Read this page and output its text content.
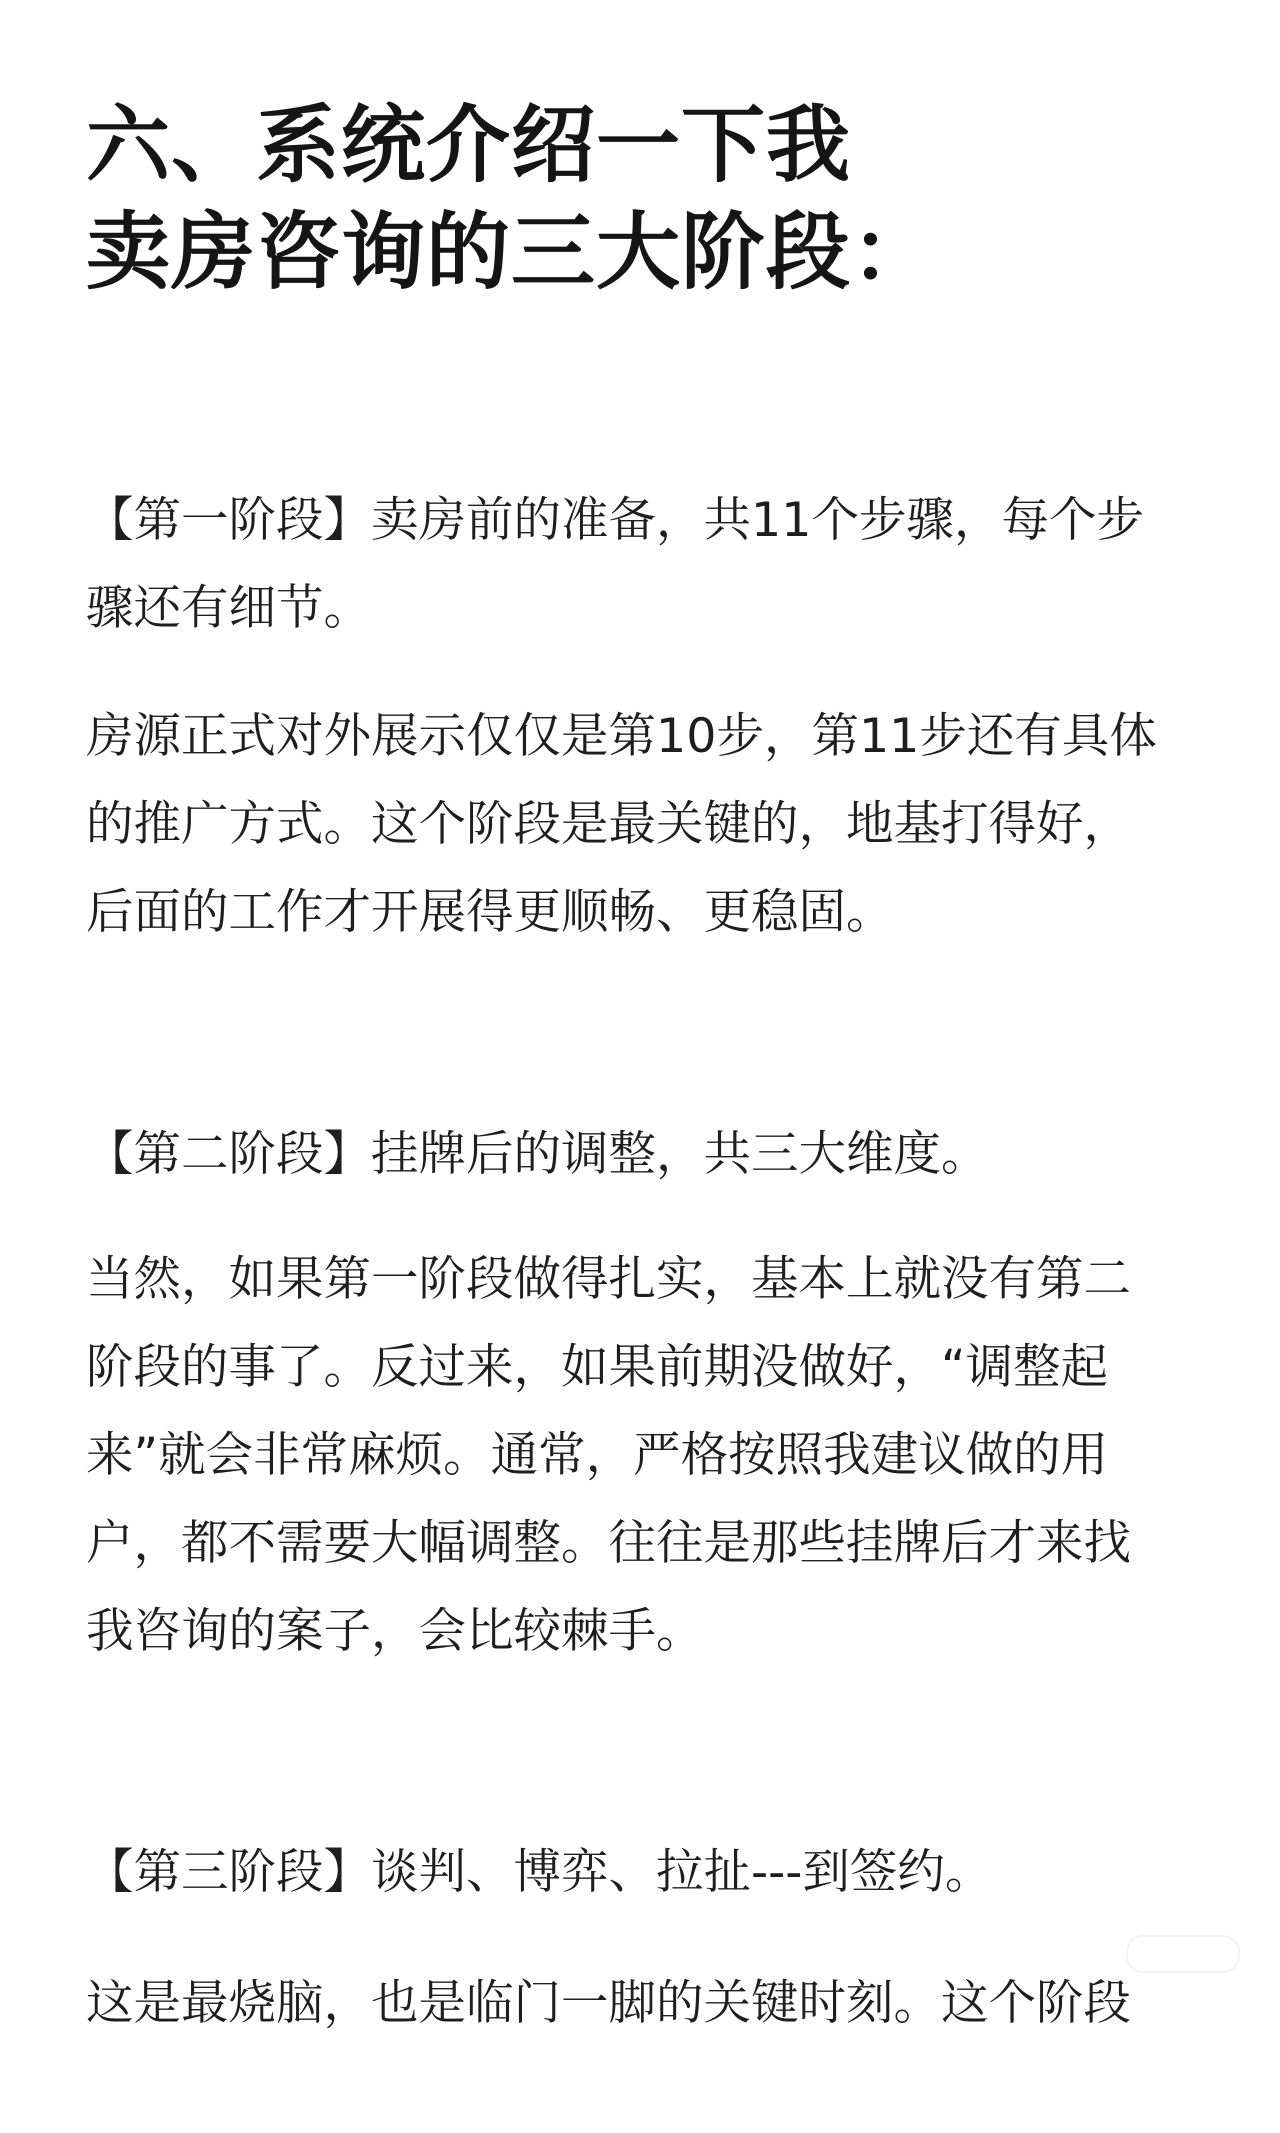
六、系统介绍一下我
卖房咨询的三大阶段：

【第一阶段】卖房前的准备，共11个步骤，每个步
骤还有细节。

房源正式对外展示仅仅是第10步，第11步还有具体
的推广方式。这个阶段是最关键的，地基打得好，
后面的工作才开展得更顺畅、更稳固。

【第二阶段】挂牌后的调整，共三大维度。

当然，如果第一阶段做得扎实，基本上就没有第二
阶段的事了。反过来，如果前期没做好，“调整起
来”就会非常麻烦。通常，严格按照我建议做的用
户，都不需要大幅调整。往往是那些挂牌后才来找
我咨询的案子，会比较棘手。

【第三阶段】谈判、博弈、拉扯---到签约。

这是最烧脑，也是临门一脚的关键时刻。这个阶段
